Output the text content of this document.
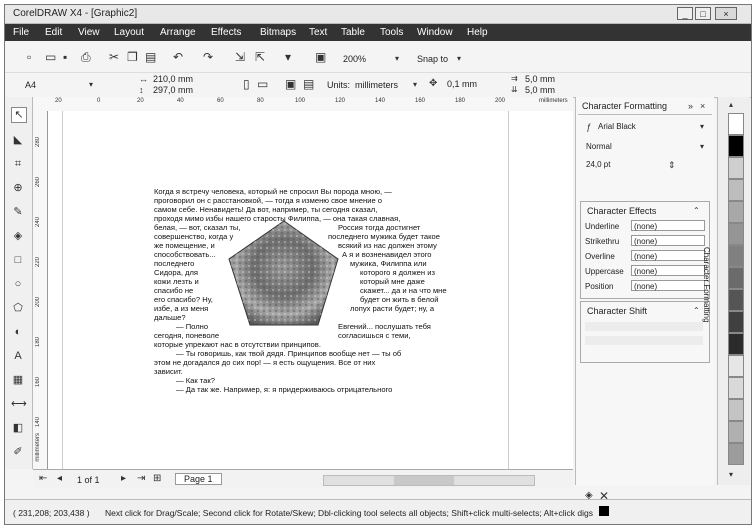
CorelDRAW X4 - [Graphic2]	_	□	×
File Edit View Layout Arrange Effects Bitmaps Text Table Tools Window Help
▫ ▭ ▪ ⎙ ✂ ❐ ▤ ↶ ↷ ⇲ ⇱ ▾ ▣ 200%	▾ Snap to ▾
A4	▾
↔ 210,0 mm
↕ 297,0 mm	▯ ▭ ▣ ▤ Units: millimeters ▾ ✥ 0,1 mm
⇉ 5,0 mm
⇊ 5,0 mm
↖
◣
⌗
⊕
✎
◈
□
○
⬠
◐
A
▦
⟷
◧
✐
20	0	20	40	60	80	100	120	140	160	180	200	millimeters
280
260
240
220
200
180
160
140
millimeters
Когда я встречу человека, который не спросил Вы порода мною, —
проговорил он с расстановкой, — тогда я изменю свое мнение о
самом себе. Ненавидеть! Да вот, например, ты сегодня сказал,
проходя мимо избы нашего старосты Филиппа, — она такая славная,
белая, — вот, сказал ты,
совершенство, когда у
же помещение, и
способствовать...
последнего
Сидора, для
кожи лезть и
спасибо не
его спасибо? Ну,
избе, а из меня
дальше?
— Полно
сегодня, поневоле
которые упрекают нас в отсутствии принципов.
— Ты говоришь, как твой дядя. Принципов вообще нет — ты об
этом не догадался до сих пор! — я есть ощущения. Все от них
зависит.
— Как так?
— Да так же. Например, я: я придерживаюсь отрицательного
Россия тогда достигнет
последнего мужика будет такое
всякий из нас должен этому
А я и возненавидел этого
мужика, Филиппа или
которого я должен из
который мне даже
скажет... да и на что мне
будет он жить в белой
лопух расти будет; ну, а
Евгений... послушать тебя
согласишься с теми,
⇤ ◂ 1 of 1 ▸ ⇥ ⊞	Page 1
Character Formatting » ×
ƒ Arial Black	▾
Normal	▾
24,0 pt	⇕
Character Effects	⌃
Underline	(none)
Strikethru	(none)
Overline	(none)
Uppercase	(none)
Position	(none)
Character Shift	⌃ Character Formatting
▴
▾
( 231,208; 203,438 ) Next click for Drag/Scale; Second click for Rotate/Skew; Dbl-clicking tool selects all objects; Shift+click multi-selects; Alt+click digs
◈ ✕
